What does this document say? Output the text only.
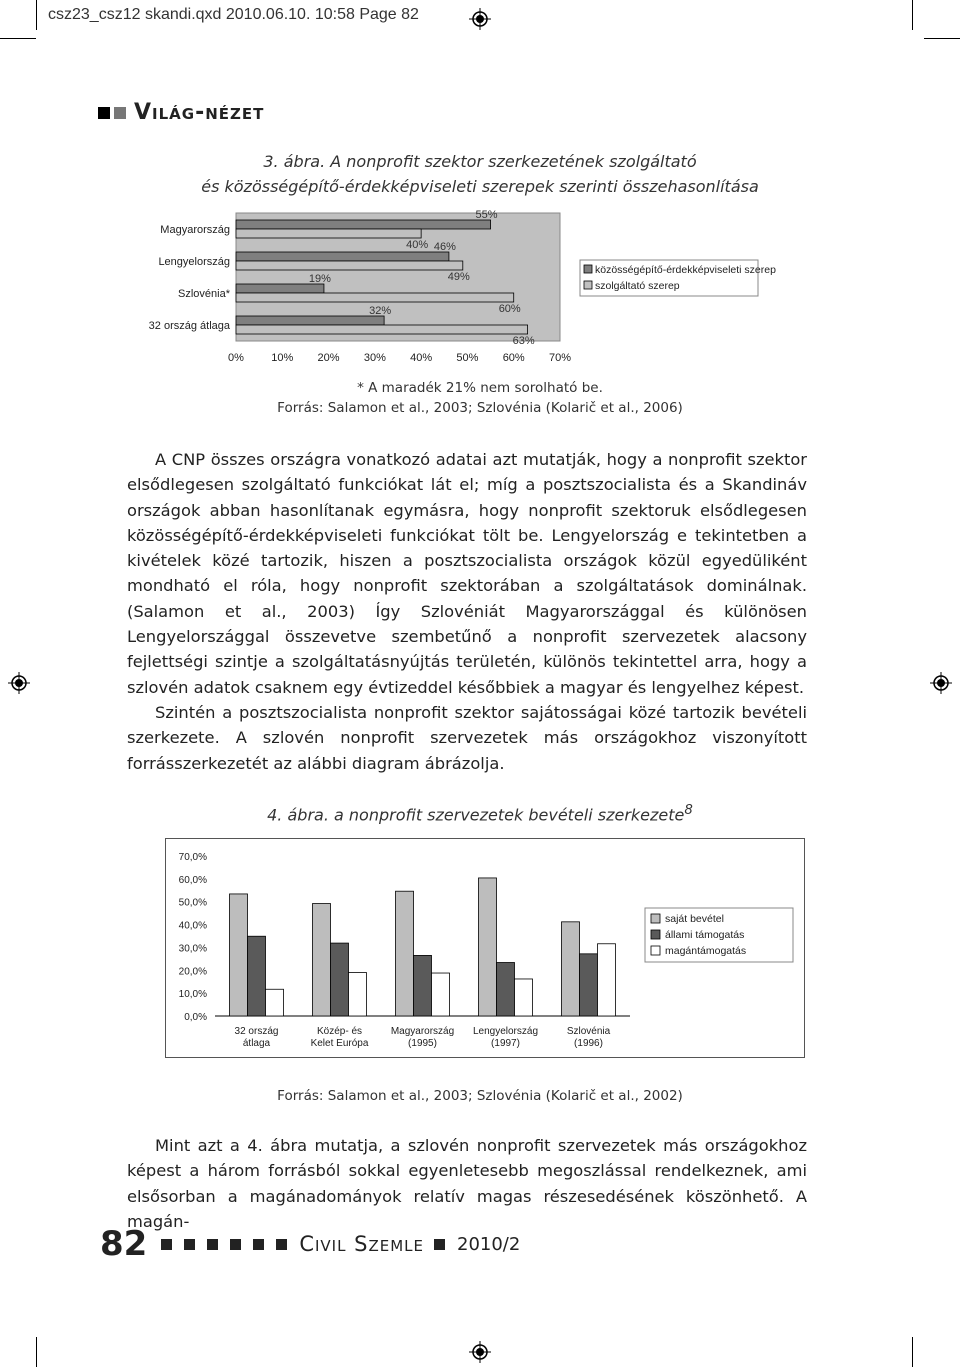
csz23_csz12 skandi.qxd 2010.06.10. 10:58 Page 82
Világ-nézet
3. ábra. A nonprofit szektor szerkezetének szolgáltató
és közösségépítő-érdekképviseleti szerepek szerinti összehasonlítása
Magyarország
55%
40%
Lengyelország
46%
49%
Szlovénia*
19%
60%
32 ország átlaga
32%
63%
0% 10% 20% 30% 40% 50% 60% 70%
közösségépítő-érdekképviseleti szerep
szolgáltató szerep
* A maradék 21% nem sorolható be.
Forrás: Salamon et al., 2003; Szlovénia (Kolarič et al., 2006)

A CNP összes országra vonatkozó adatai azt mutatják, hogy a nonprofit szektor elsődlegesen szolgáltató funkciókat lát el; míg a posztszocialista és a Skandináv országok abban hasonlítanak egymásra, hogy nonprofit szektoruk elsődlegesen közösségépítő-érdekképviseleti funkciókat tölt be. Lengyelország e tekintetben a kivételek közé tartozik, hiszen a posztszocialista országok közül egyedüliként mondható el róla, hogy nonprofit szektorában a szolgáltatások dominálnak. (Salamon et al., 2003) Így Szlovéniát Magyarországgal és különösen Lengyelországgal összevetve szembetűnő a nonprofit szervezetek alacsony fejlettségi szintje a szolgáltatásnyújtás területén, különös tekintettel arra, hogy a szlovén adatok csaknem egy évtizeddel későbbiek a magyar és lengyelhez képest.

Szintén a posztszocialista nonprofit szektor sajátosságai közé tartozik bevételi szerkezete. A szlovén nonprofit szervezetek más országokhoz viszonyított forrásszerkezetét az alábbi diagram ábrázolja.

4. ábra. a nonprofit szervezetek bevételi szerkezete$^8$
0,0%
10,0%
20,0%
30,0%
40,0%
50,0%
60,0%
70,0%
32 ország
átlaga
Közép- és
Kelet Európa
Magyarország
(1995)
Lengyelország
(1997)
Szlovénia
(1996)
saját bevétel
állami támogatás
magántámogatás
Forrás: Salamon et al., 2003; Szlovénia (Kolarič et al., 2002)

Mint azt a 4. ábra mutatja, a szlovén nonprofit szervezetek más országokhoz képest a három forrásból sokkal egyenletesebb megoszlással rendelkeznek, ami elsősorban a magánadományok relatív magas részesedésének köszönhető. A magán-

82	Civil Szemle 2010/2
